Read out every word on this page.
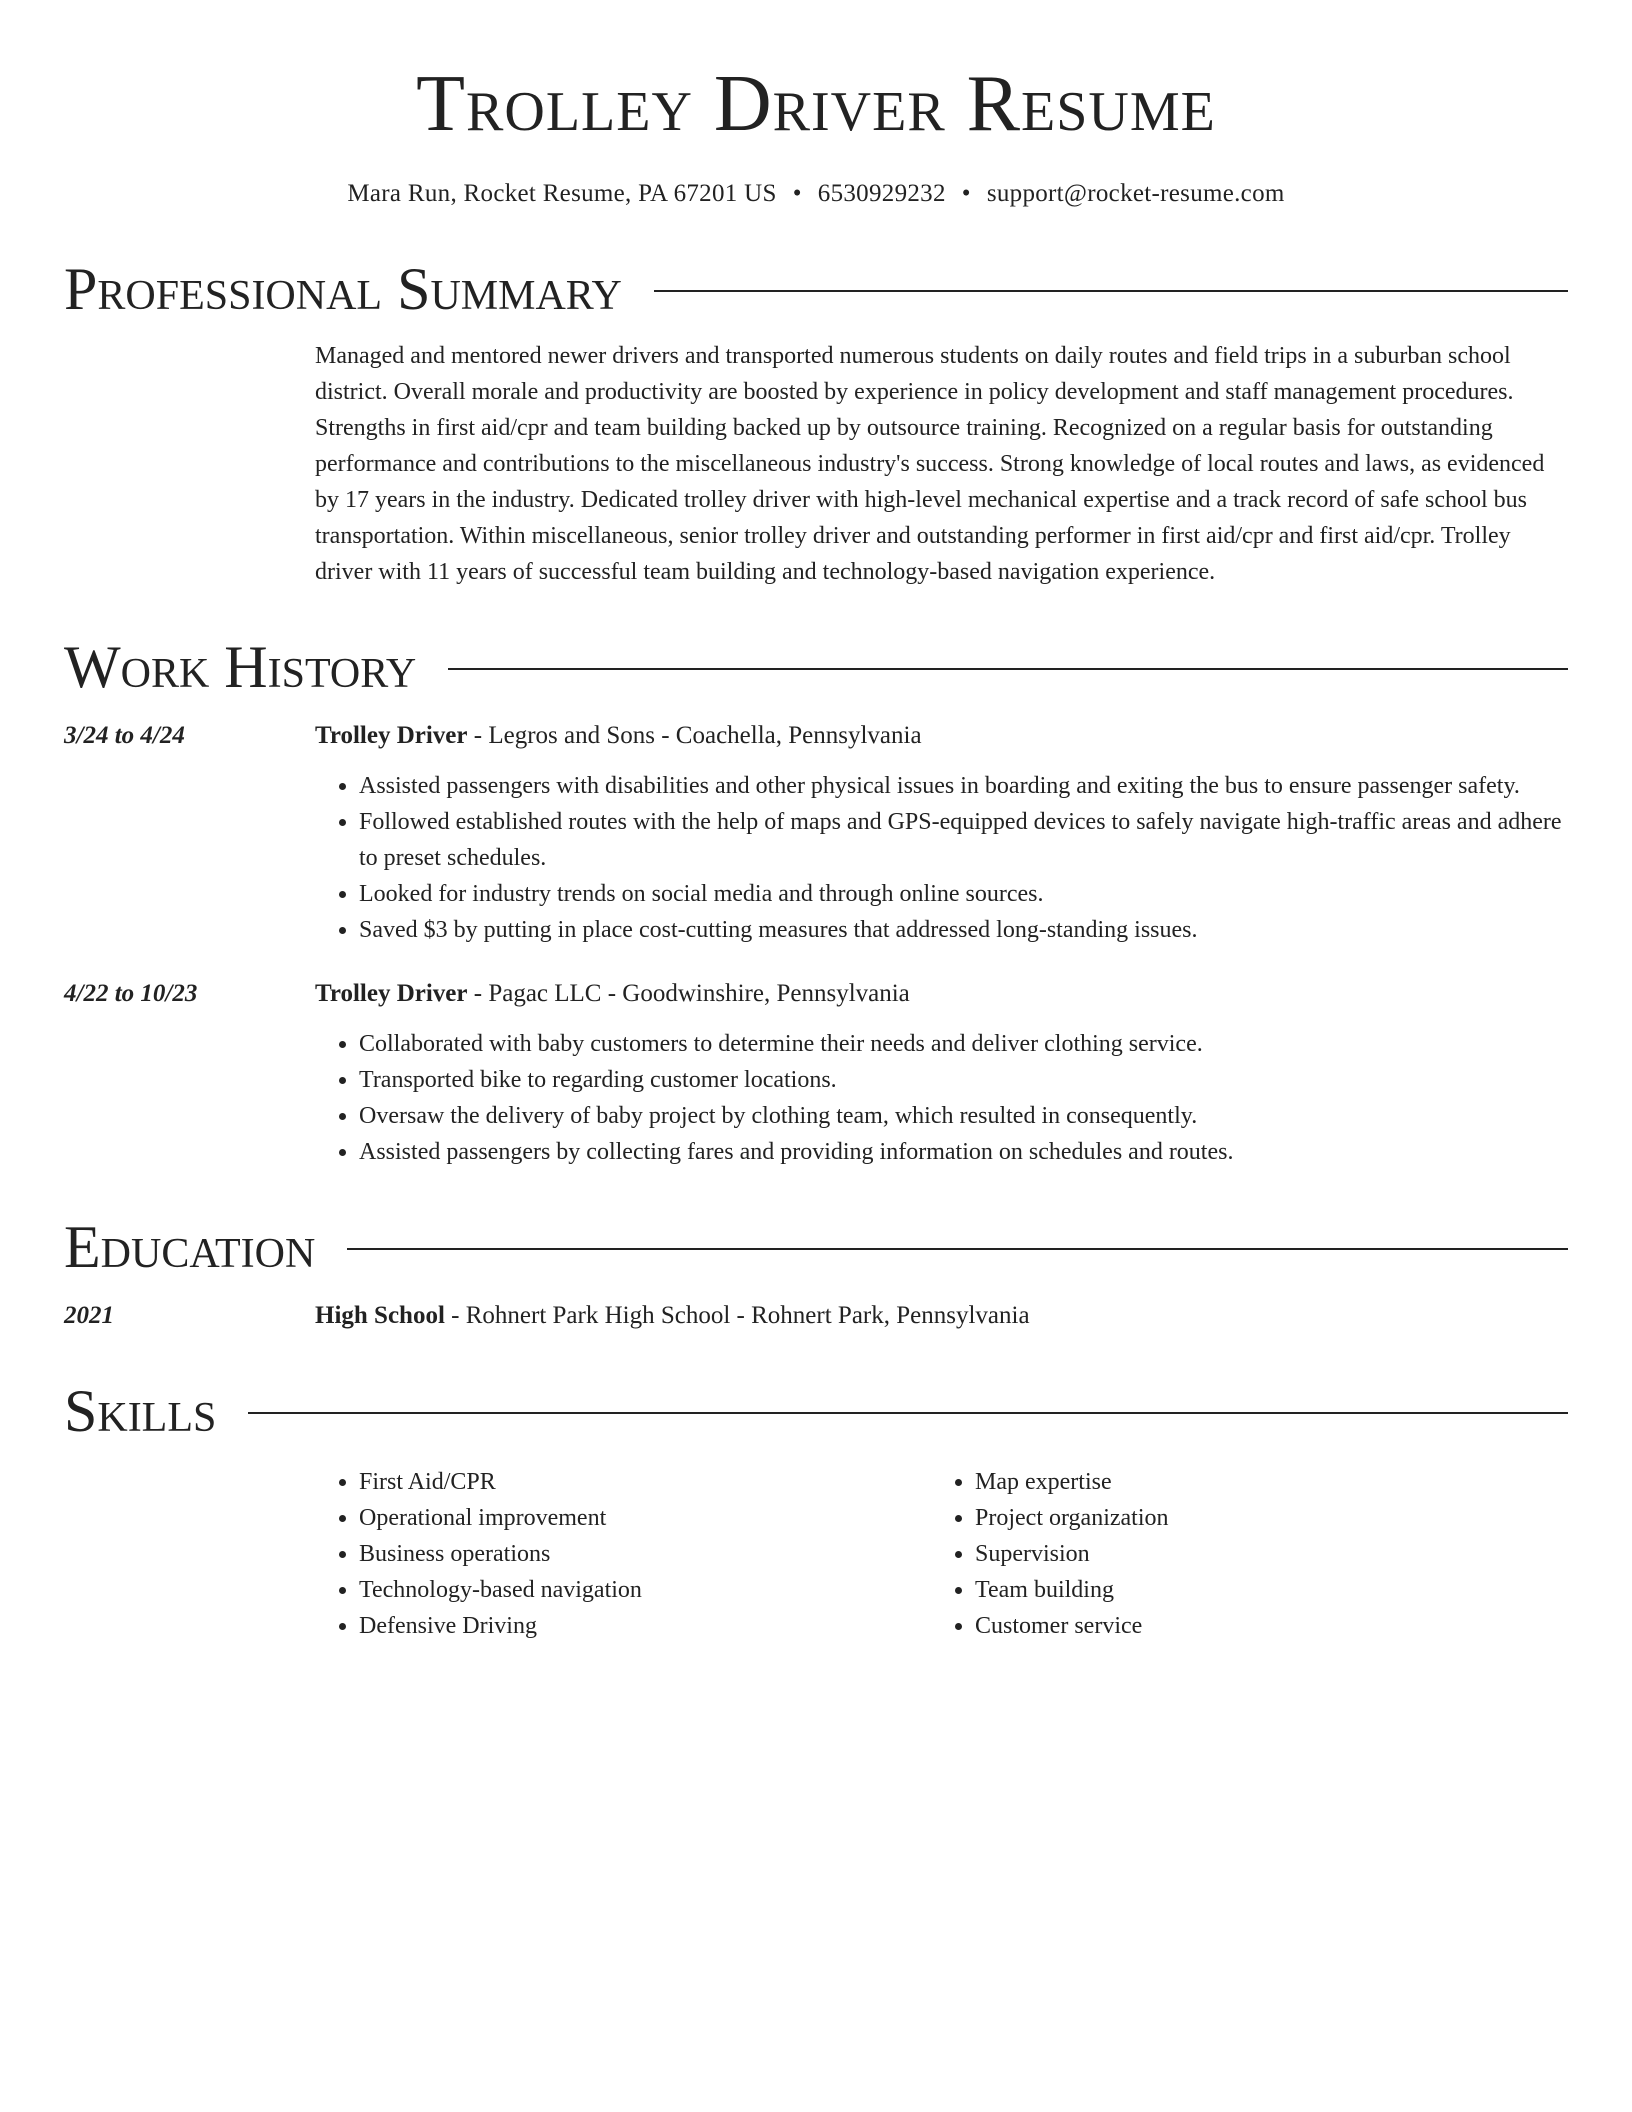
Trolley Driver Resume
Mara Run, Rocket Resume, PA 67201 US • 6530929232 • support@rocket-resume.com
Professional Summary
Managed and mentored newer drivers and transported numerous students on daily routes and field trips in a suburban school district. Overall morale and productivity are boosted by experience in policy development and staff management procedures. Strengths in first aid/cpr and team building backed up by outsource training. Recognized on a regular basis for outstanding performance and contributions to the miscellaneous industry's success. Strong knowledge of local routes and laws, as evidenced by 17 years in the industry. Dedicated trolley driver with high-level mechanical expertise and a track record of safe school bus transportation. Within miscellaneous, senior trolley driver and outstanding performer in first aid/cpr and first aid/cpr. Trolley driver with 11 years of successful team building and technology-based navigation experience.
Work History
3/24 to 4/24	Trolley Driver - Legros and Sons - Coachella, Pennsylvania
• Assisted passengers with disabilities and other physical issues in boarding and exiting the bus to ensure passenger safety.
• Followed established routes with the help of maps and GPS-equipped devices to safely navigate high-traffic areas and adhere to preset schedules.
• Looked for industry trends on social media and through online sources.
• Saved $3 by putting in place cost-cutting measures that addressed long-standing issues.
4/22 to 10/23	Trolley Driver - Pagac LLC - Goodwinshire, Pennsylvania
• Collaborated with baby customers to determine their needs and deliver clothing service.
• Transported bike to regarding customer locations.
• Oversaw the delivery of baby project by clothing team, which resulted in consequently.
• Assisted passengers by collecting fares and providing information on schedules and routes.
Education
2021	High School - Rohnert Park High School - Rohnert Park, Pennsylvania
Skills
• First Aid/CPR
• Operational improvement
• Business operations
• Technology-based navigation
• Defensive Driving
• Map expertise
• Project organization
• Supervision
• Team building
• Customer service
